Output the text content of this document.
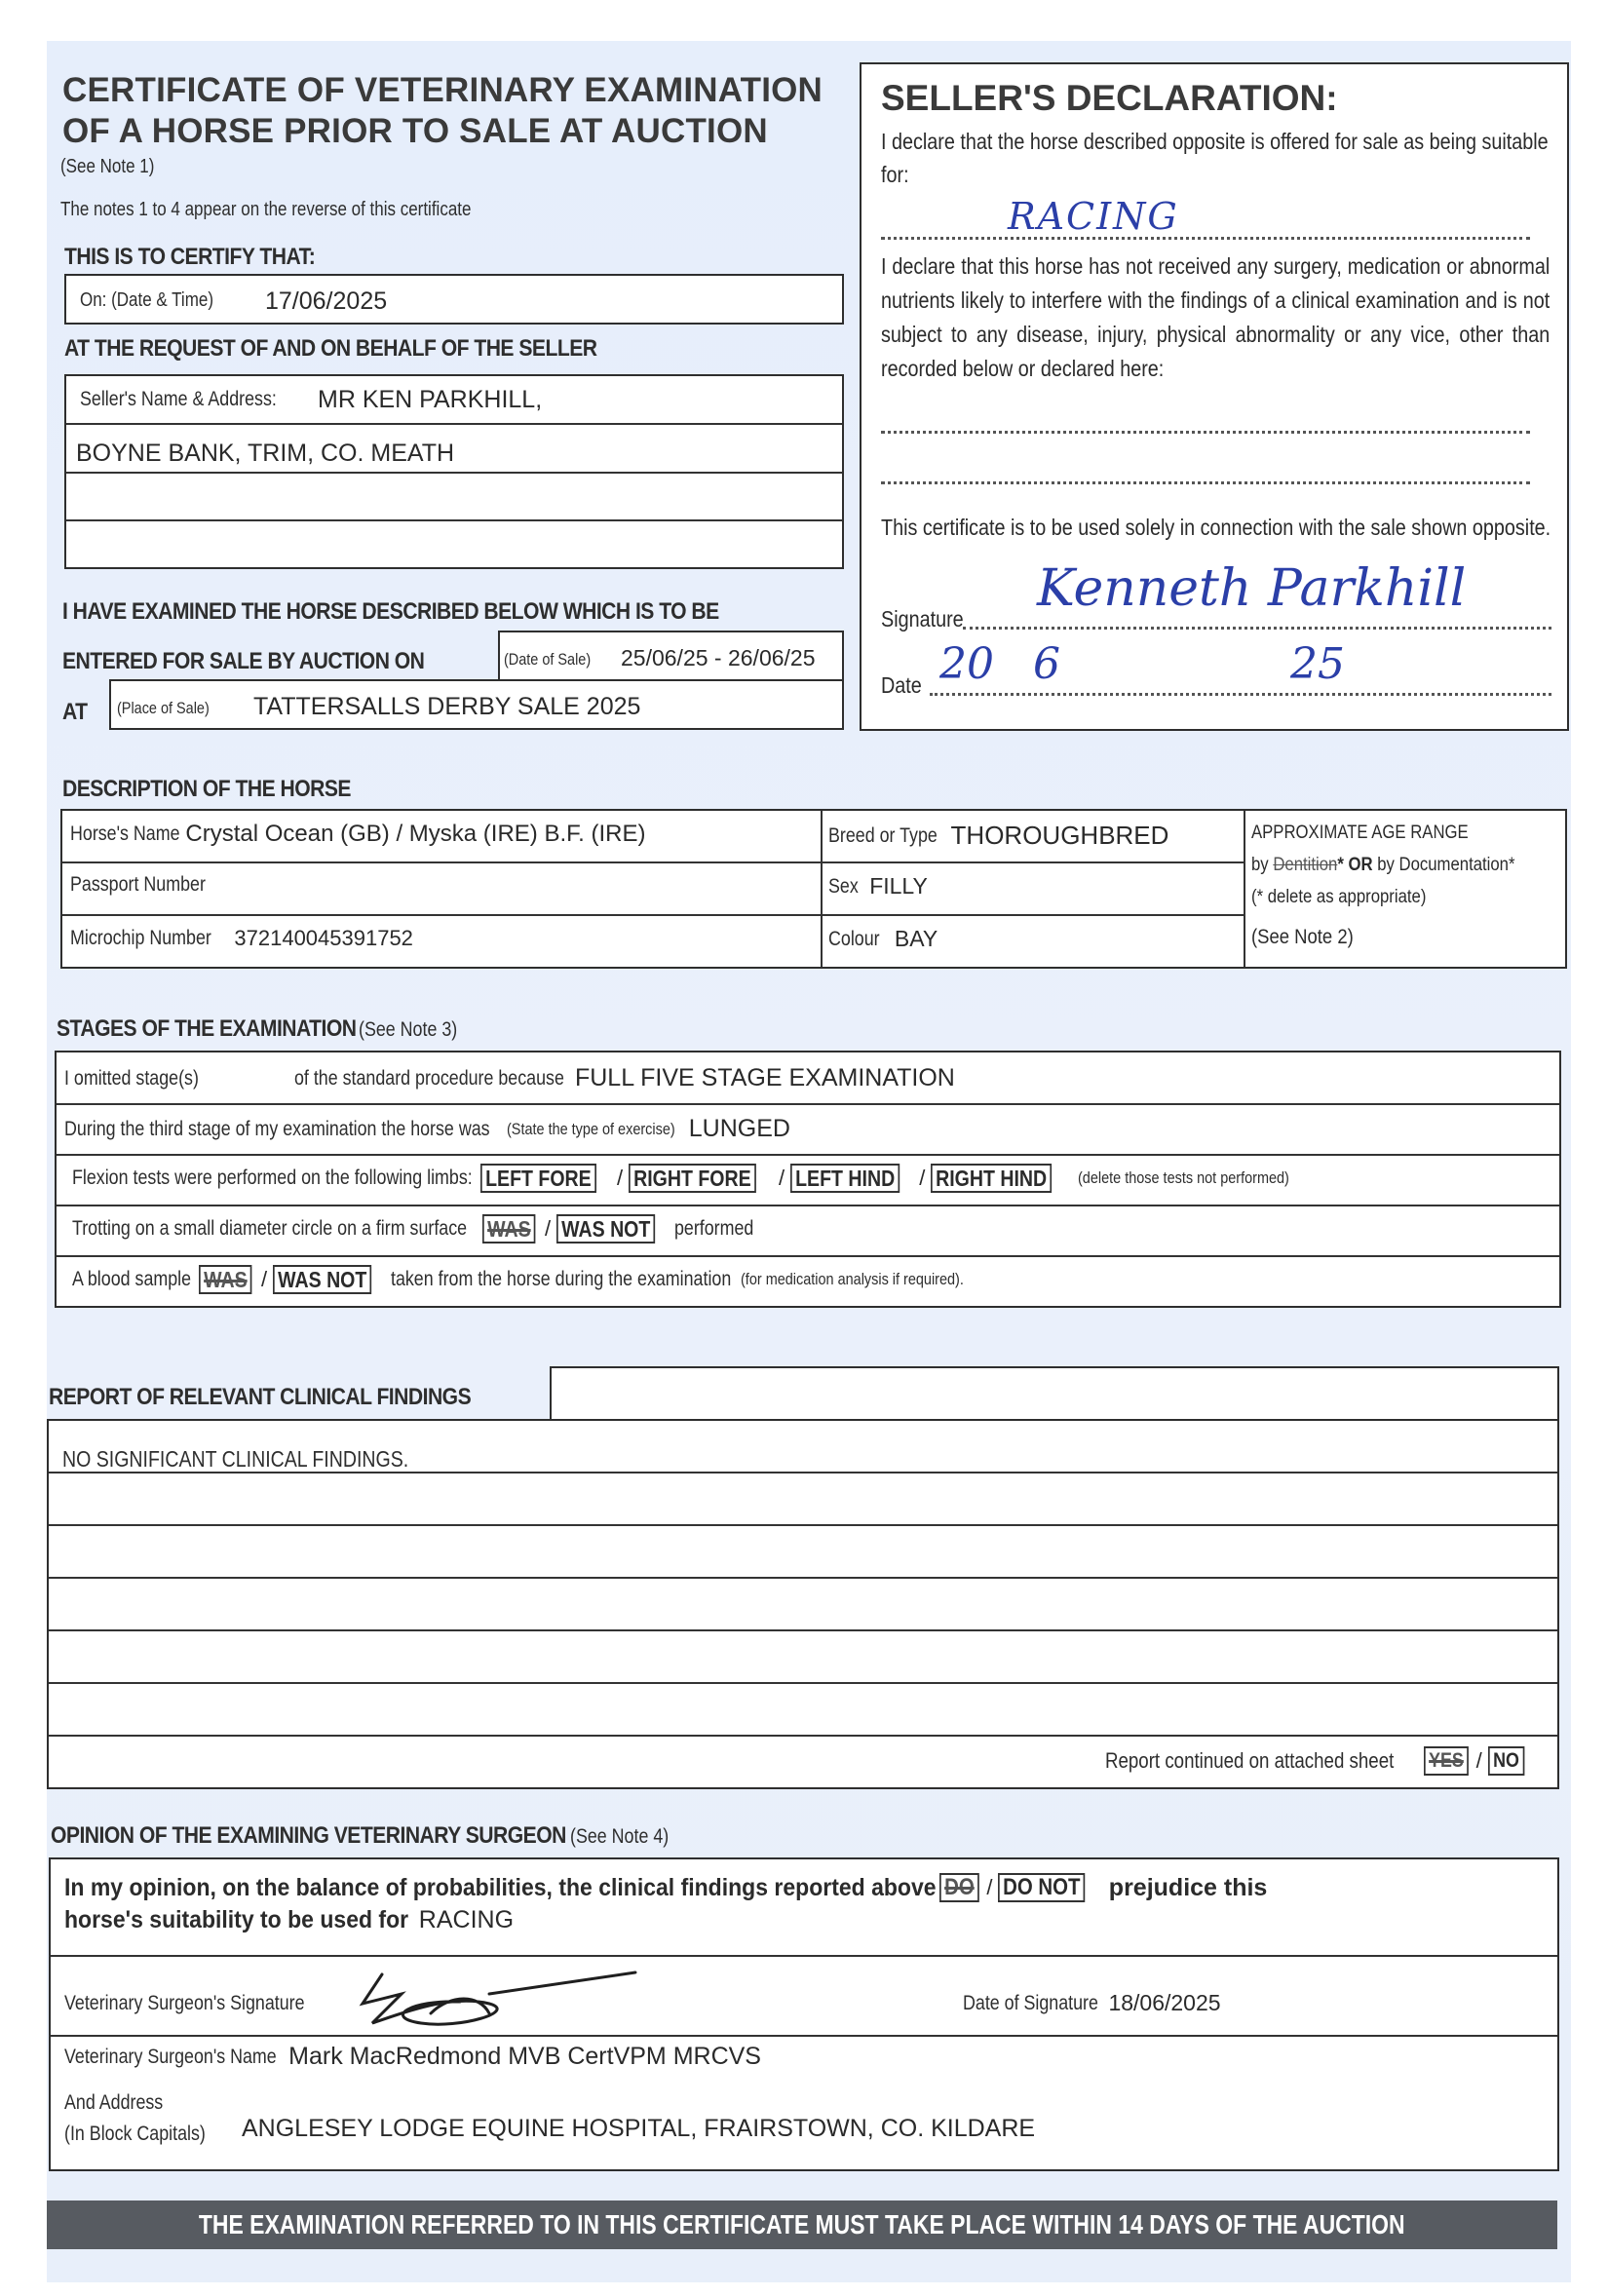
CERTIFICATE OF VETERINARY EXAMINATION
OF A HORSE PRIOR TO SALE AT AUCTION
(See Note 1)
The notes 1 to 4 appear on the reverse of this certificate
THIS IS TO CERTIFY THAT:
On: (Date & Time) 17/06/2025
AT THE REQUEST OF AND ON BEHALF OF THE SELLER
Seller's Name & Address: MR KEN PARKHILL,
BOYNE BANK, TRIM, CO. MEATH
I HAVE EXAMINED THE HORSE DESCRIBED BELOW WHICH IS TO BE
ENTERED FOR SALE BY AUCTION ON	(Date of Sale) 25/06/25 - 26/06/25
AT (Place of Sale) TATTERSALLS DERBY SALE 2025
SELLER'S DECLARATION:
I declare that the horse described opposite is offered for sale as being suitable for:
RACING
I declare that this horse has not received any surgery, medication or abnormal nutrients likely to interfere with the findings of a clinical examination and is not subject to any disease, injury, physical abnormality or any vice, other than recorded below or declared here:
This certificate is to be used solely in connection with the sale shown opposite.
Signature
Kenneth Parkhill
Date 20 6	25
DESCRIPTION OF THE HORSE
Horse's Name Crystal Ocean (GB) / Myska (IRE) B.F. (IRE)
Passport Number
Microchip Number 372140045391752
Breed or Type THOROUGHBRED
Sex FILLY
Colour BAY
APPROXIMATE AGE RANGE
by Dentition* OR by Documentation*
(* delete as appropriate)
(See Note 2)
STAGES OF THE EXAMINATION (See Note 3)
I omitted stage(s)	of the standard procedure because FULL FIVE STAGE EXAMINATION
During the third stage of my examination the horse was (State the type of exercise) LUNGED
Flexion tests were performed on the following limbs: LEFT FORE / RIGHT FORE / LEFT HIND / RIGHT HIND (delete those tests not performed)
Trotting on a small diameter circle on a firm surface WAS / WAS NOT performed
A blood sample WAS / WAS NOT taken from the horse during the examination (for medication analysis if required).
REPORT OF RELEVANT CLINICAL FINDINGS
NO SIGNIFICANT CLINICAL FINDINGS.
Report continued on attached sheet YES / NO
OPINION OF THE EXAMINING VETERINARY SURGEON (See Note 4)
In my opinion, on the balance of probabilities, the clinical findings reported above DO / DO NOT prejudice this
horse's suitability to be used for RACING
Veterinary Surgeon's Signature	Date of Signature 18/06/2025
Veterinary Surgeon's Name Mark MacRedmond MVB CertVPM MRCVS
And Address
(In Block Capitals) ANGLESEY LODGE EQUINE HOSPITAL, FRAIRSTOWN, CO. KILDARE
THE EXAMINATION REFERRED TO IN THIS CERTIFICATE MUST TAKE PLACE WITHIN 14 DAYS OF THE AUCTION
